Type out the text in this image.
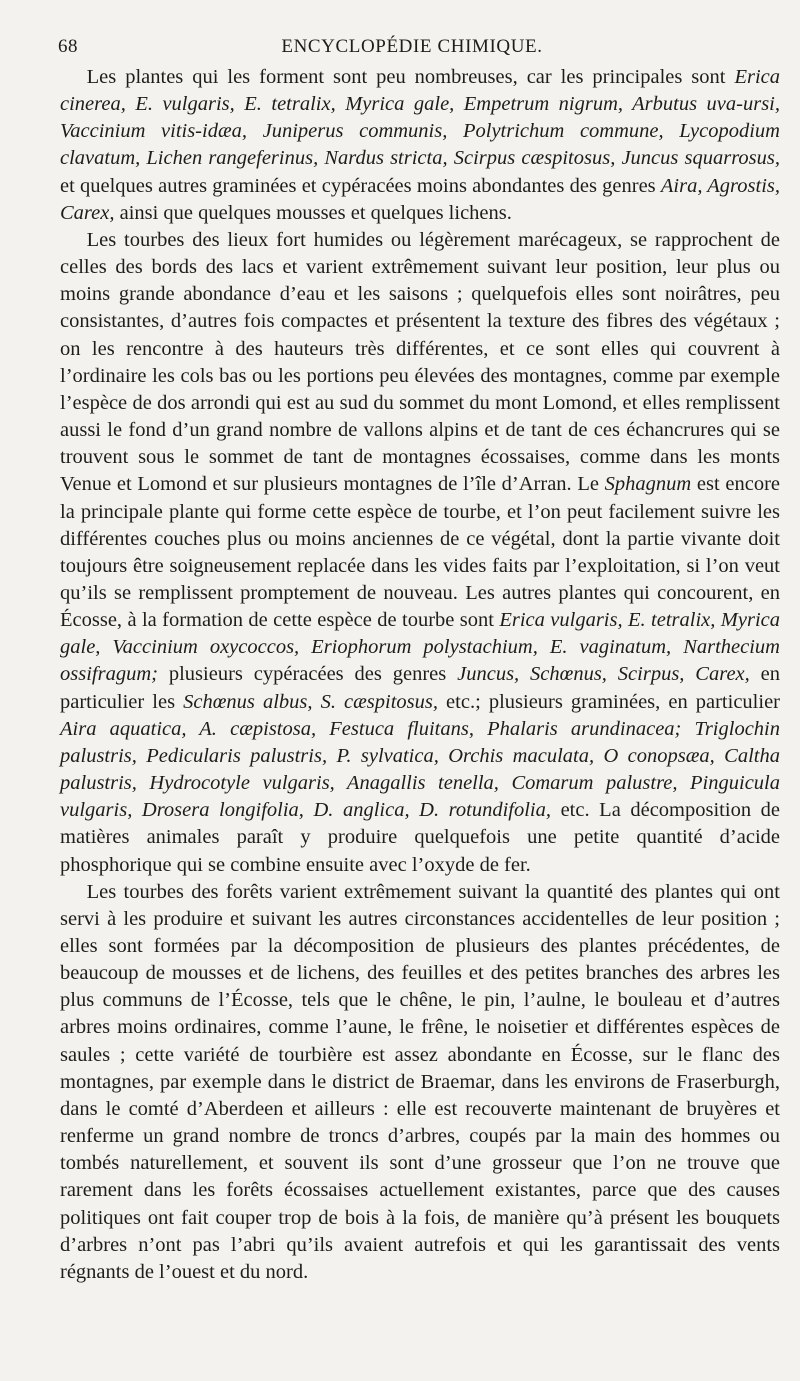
68	ENCYCLOPÉDIE CHIMIQUE.

Les plantes qui les forment sont peu nombreuses, car les principales sont Erica cinerea, E. vulgaris, E. tetralix, Myrica gale, Empetrum nigrum, Arbutus uva-ursi, Vaccinium vitis-idæa, Juniperus communis, Polytrichum commune, Lycopodium clavatum, Lichen rangeferinus, Nardus stricta, Scirpus cæspitosus, Juncus squarrosus, et quelques autres graminées et cypéracées moins abondantes des genres Aira, Agrostis, Carex, ainsi que quelques mousses et quelques lichens.

Les tourbes des lieux fort humides ou légèrement marécageux, se rapprochent de celles des bords des lacs et varient extrêmement suivant leur position, leur plus ou moins grande abondance d’eau et les saisons ; quelquefois elles sont noirâtres, peu consistantes, d’autres fois compactes et présentent la texture des fibres des végétaux ; on les rencontre à des hauteurs très différentes, et ce sont elles qui couvrent à l’ordinaire les cols bas ou les portions peu élevées des montagnes, comme par exemple l’espèce de dos arrondi qui est au sud du sommet du mont Lomond, et elles remplissent aussi le fond d’un grand nombre de vallons alpins et de tant de ces échancrures qui se trouvent sous le sommet de tant de montagnes écossaises, comme dans les monts Venue et Lomond et sur plusieurs montagnes de l’île d’Arran. Le Sphagnum est encore la principale plante qui forme cette espèce de tourbe, et l’on peut facilement suivre les différentes couches plus ou moins anciennes de ce végétal, dont la partie vivante doit toujours être soigneusement replacée dans les vides faits par l’exploitation, si l’on veut qu’ils se remplissent promptement de nouveau. Les autres plantes qui concourent, en Écosse, à la formation de cette espèce de tourbe sont Erica vulgaris, E. tetralix, Myrica gale, Vaccinium oxycoccos, Eriophorum polystachium, E. vaginatum, Narthecium ossifragum; plusieurs cypéracées des genres Juncus, Schœnus, Scirpus, Carex, en particulier les Schœnus albus, S. cæspitosus, etc.; plusieurs graminées, en particulier Aira aquatica, A. cæpistosa, Festuca fluitans, Phalaris arundinacea; Triglochin palustris, Pedicularis palustris, P. sylvatica, Orchis maculata, O conopsæa, Caltha palustris, Hydrocotyle vulgaris, Anagallis tenella, Comarum palustre, Pinguicula vulgaris, Drosera longifolia, D. anglica, D. rotundifolia, etc. La décomposition de matières animales paraît y produire quelquefois une petite quantité d’acide phosphorique qui se combine ensuite avec l’oxyde de fer.

Les tourbes des forêts varient extrêmement suivant la quantité des plantes qui ont servi à les produire et suivant les autres circonstances accidentelles de leur position ; elles sont formées par la décomposition de plusieurs des plantes précédentes, de beaucoup de mousses et de lichens, des feuilles et des petites branches des arbres les plus communs de l’Écosse, tels que le chêne, le pin, l’aulne, le bouleau et d’autres arbres moins ordinaires, comme l’aune, le frêne, le noisetier et différentes espèces de saules ; cette variété de tourbière est assez abondante en Écosse, sur le flanc des montagnes, par exemple dans le district de Braemar, dans les environs de Fraserburgh, dans le comté d’Aberdeen et ailleurs : elle est recouverte maintenant de bruyères et renferme un grand nombre de troncs d’arbres, coupés par la main des hommes ou tombés naturellement, et souvent ils sont d’une grosseur que l’on ne trouve que rarement dans les forêts écossaises actuellement existantes, parce que des causes politiques ont fait couper trop de bois à la fois, de manière qu’à présent les bouquets d’arbres n’ont pas l’abri qu’ils avaient autrefois et qui les garantissait des vents régnants de l’ouest et du nord.
